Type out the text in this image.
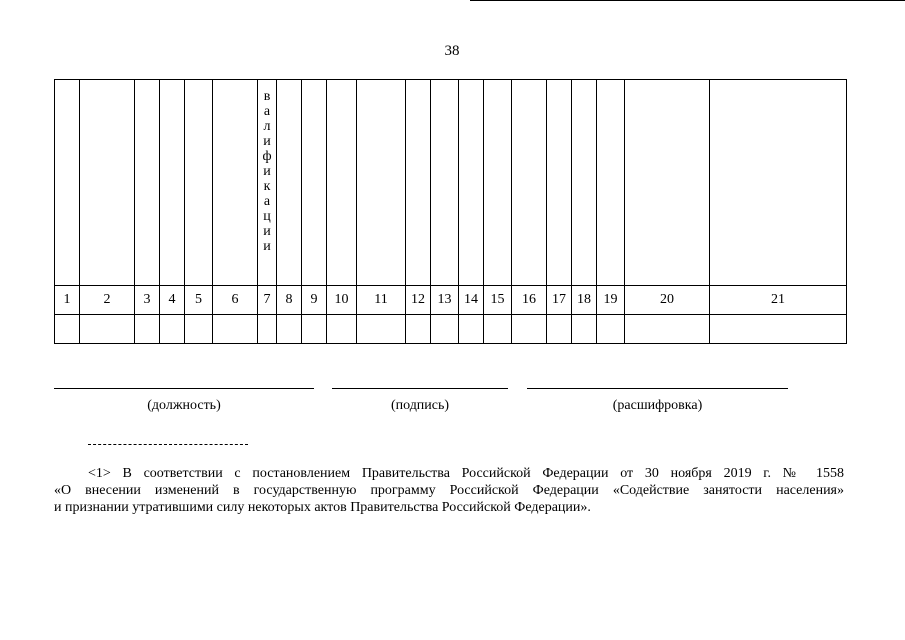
38
						валификации														
1	2	3	4	5	6	7	8	9	10	11	12	13	14	15	16	17	18	19	20	21

(должность)	(подпись)	(расшифровка)
<1> В соответствии с постановлением Правительства Российской Федерации от 30 ноября 2019 г. № 1558
«О внесении изменений в государственную программу Российской Федерации «Содействие занятости населения»
и признании утратившими силу некоторых актов Правительства Российской Федерации».
